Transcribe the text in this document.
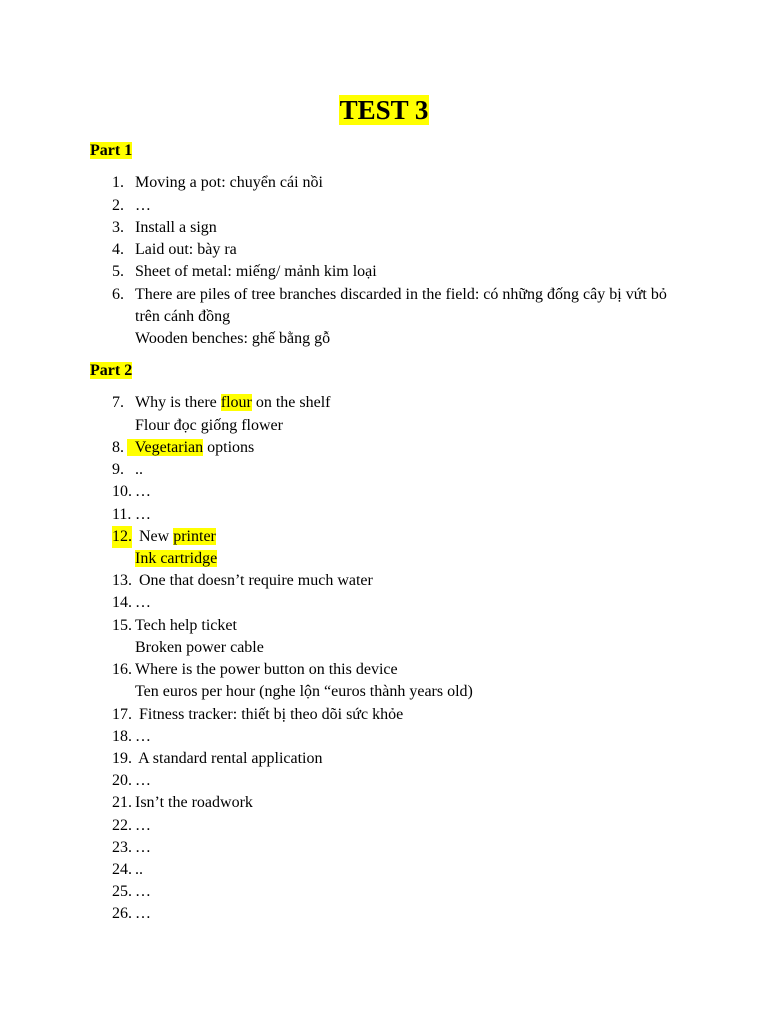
TEST 3
Part 1
1. Moving a pot: chuyển cái nồi
2. …
3. Install a sign
4. Laid out: bày ra
5. Sheet of metal: miếng/ mảnh kim loại
6. There are piles of tree branches discarded in the field: có những đống cây bị vứt bỏ
trên cánh đồng
Wooden benches: ghế bằng gỗ
Part 2
7. Why is there flour on the shelf
Flour đọc giống flower
8. Vegetarian options
9. ..
10. …
11. …
12. New printer
Ink cartridge
13. One that doesn’t require much water
14. …
15. Tech help ticket
Broken power cable
16. Where is the power button on this device
Ten euros per hour (nghe lộn “euros thành years old)
17. Fitness tracker: thiết bị theo dõi sức khỏe
18. …
19. A standard rental application
20. …
21. Isn’t the roadwork
22. …
23. …
24. ..
25. …
26. …
